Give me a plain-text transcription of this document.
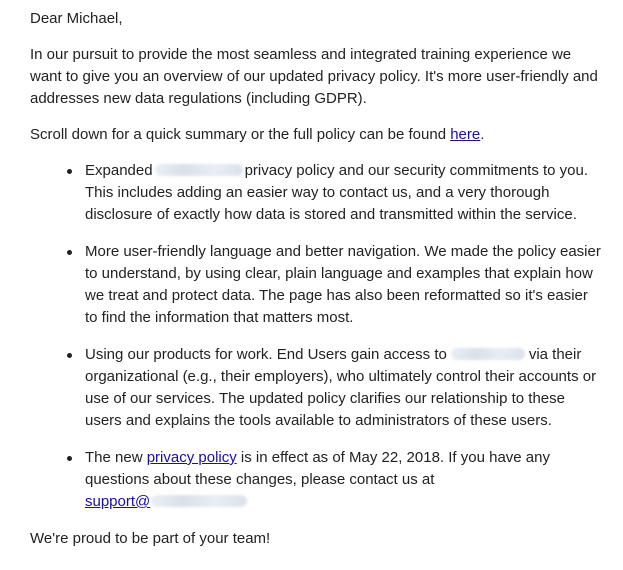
Dear Michael,

In our pursuit to provide the most seamless and integrated training experience we want to give you an overview of our updated privacy policy. It's more user-friendly and addresses new data regulations (including GDPR).

Scroll down for a quick summary or the full policy can be found here.

Expanded	privacy policy and our security commitments to you. This includes adding an easier way to contact us, and a very thorough disclosure of exactly how data is stored and transmitted within the service.
More user-friendly language and better navigation. We made the policy easier to understand, by using clear, plain language and examples that explain how we treat and protect data. The page has also been reformatted so it's easier to find the information that matters most.
Using our products for work. End Users gain access to	via their organizational (e.g., their employers), who ultimately control their accounts or use of our services. The updated policy clarifies our relationship to these users and explains the tools available to administrators of these users.
The new privacy policy is in effect as of May 22, 2018. If you have any questions about these changes, please contact us at
support@

We're proud to be part of your team!
